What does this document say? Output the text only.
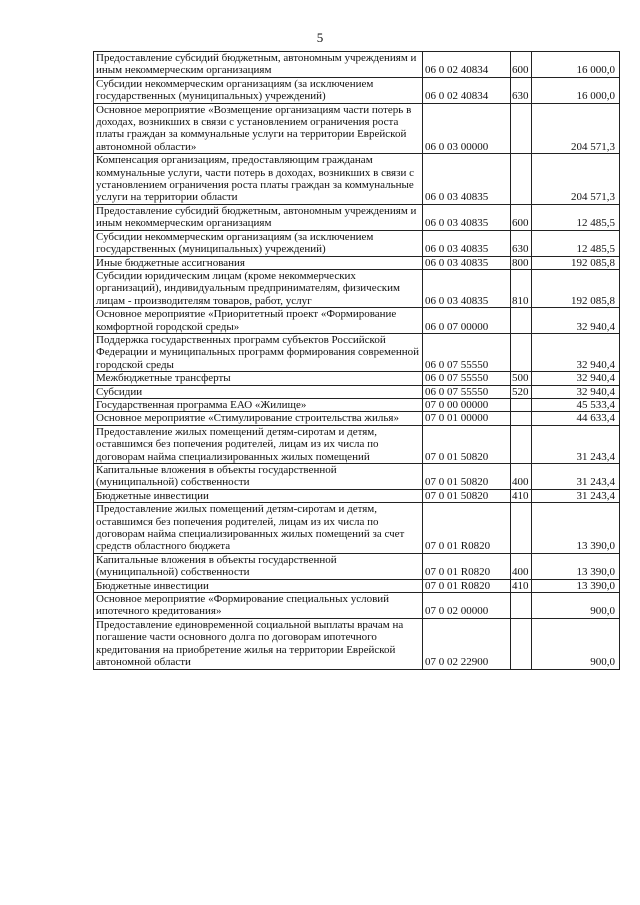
5
Предоставление субсидий бюджетным, автономным учреждениям и иным некоммерческим организациям	06 0 02 40834	600	16 000,0
Субсидии некоммерческим организациям (за исключением государственных (муниципальных) учреждений)	06 0 02 40834	630	16 000,0
Основное мероприятие «Возмещение организациям части потерь в доходах, возникших в связи с установлением ограничения роста платы граждан за коммунальные услуги на территории Еврейской автономной области»	06 0 03 00000		204 571,3
Компенсация организациям, предоставляющим гражданам коммунальные услуги, части потерь в доходах, возникших в связи с установлением ограничения роста платы граждан за коммунальные услуги на территории области	06 0 03 40835		204 571,3
Предоставление субсидий бюджетным, автономным учреждениям и иным некоммерческим организациям	06 0 03 40835	600	12 485,5
Субсидии некоммерческим организациям (за исключением государственных (муниципальных) учреждений)	06 0 03 40835	630	12 485,5
Иные бюджетные ассигнования	06 0 03 40835	800	192 085,8
Субсидии юридическим лицам (кроме некоммерческих организаций), индивидуальным предпринимателям, физическим лицам - производителям товаров, работ, услуг	06 0 03 40835	810	192 085,8
Основное мероприятие «Приоритетный проект «Формирование комфортной городской среды»	06 0 07 00000		32 940,4
Поддержка государственных программ субъектов Российской Федерации и муниципальных программ формирования современной городской среды	06 0 07 55550		32 940,4
Межбюджетные трансферты	06 0 07 55550	500	32 940,4
Субсидии	06 0 07 55550	520	32 940,4
Государственная программа ЕАО «Жилище»	07 0 00 00000		45 533,4
Основное мероприятие «Стимулирование строительства жилья»	07 0 01 00000		44 633,4
Предоставление жилых помещений детям-сиротам и детям, оставшимся без попечения родителей, лицам из их числа по договорам найма специализированных жилых помещений	07 0 01 50820		31 243,4
Капитальные вложения в объекты государственной (муниципальной) собственности	07 0 01 50820	400	31 243,4
Бюджетные инвестиции	07 0 01 50820	410	31 243,4
Предоставление жилых помещений детям-сиротам и детям, оставшимся без попечения родителей, лицам из их числа по договорам найма специализированных жилых помещений за счет средств областного бюджета	07 0 01 R0820		13 390,0
Капитальные вложения в объекты государственной (муниципальной) собственности	07 0 01 R0820	400	13 390,0
Бюджетные инвестиции	07 0 01 R0820	410	13 390,0
Основное мероприятие «Формирование специальных условий ипотечного кредитования»	07 0 02 00000		900,0
Предоставление единовременной социальной выплаты врачам на погашение части основного долга по договорам ипотечного кредитования на приобретение жилья на территории Еврейской автономной области	07 0 02 22900		900,0
